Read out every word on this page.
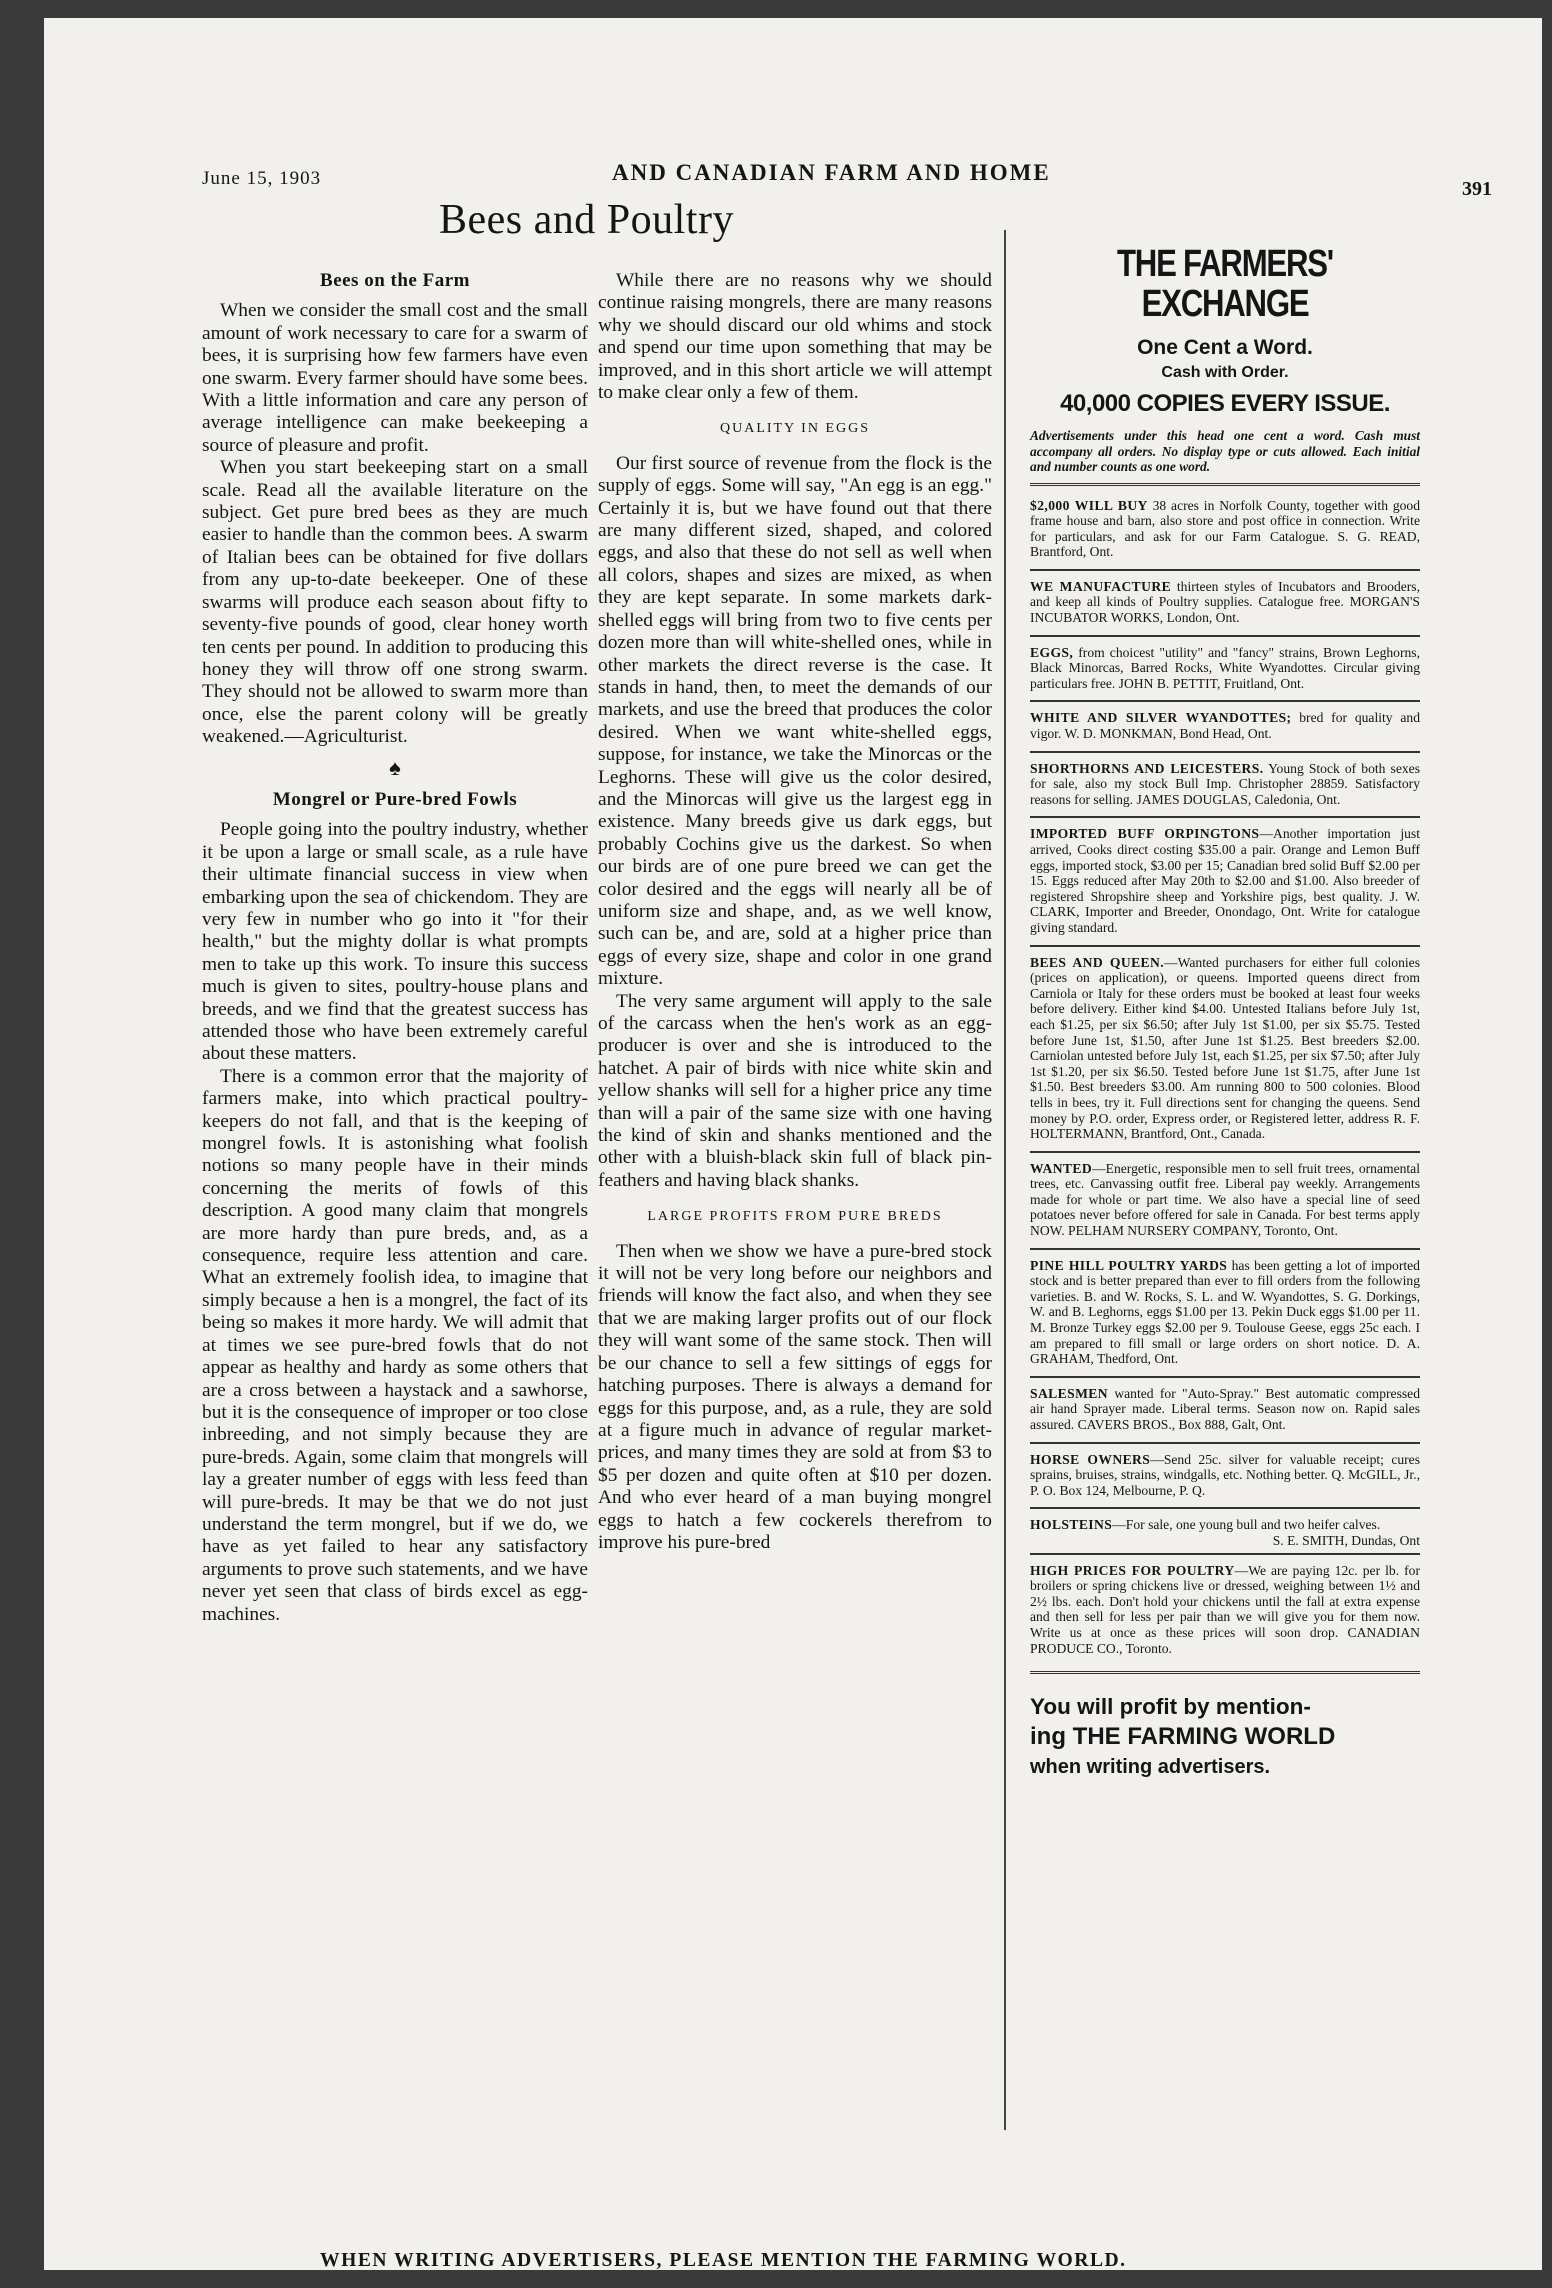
June 15, 1903	AND CANADIAN FARM AND HOME
391
Bees and Poultry
Bees on the Farm

When we consider the small cost and the small amount of work necessary to care for a swarm of bees, it is surprising how few farmers have even one swarm. Every farmer should have some bees. With a little information and care any person of average intelligence can make beekeeping a source of pleasure and profit.

When you start beekeeping start on a small scale. Read all the available literature on the subject. Get pure bred bees as they are much easier to handle than the common bees. A swarm of Italian bees can be obtained for five dollars from any up-to-date beekeeper. One of these swarms will produce each season about fifty to seventy-five pounds of good, clear honey worth ten cents per pound. In addition to producing this honey they will throw off one strong swarm. They should not be allowed to swarm more than once, else the parent colony will be greatly weakened.—Agriculturist.

♠
Mongrel or Pure-bred Fowls

People going into the poultry industry, whether it be upon a large or small scale, as a rule have their ultimate financial success in view when embarking upon the sea of chickendom. They are very few in number who go into it "for their health," but the mighty dollar is what prompts men to take up this work. To insure this success much is given to sites, poultry-house plans and breeds, and we find that the greatest success has attended those who have been extremely careful about these matters.

There is a common error that the majority of farmers make, into which practical poultry-keepers do not fall, and that is the keeping of mongrel fowls. It is astonishing what foolish notions so many people have in their minds concerning the merits of fowls of this description. A good many claim that mongrels are more hardy than pure breds, and, as a consequence, require less attention and care. What an extremely foolish idea, to imagine that simply because a hen is a mongrel, the fact of its being so makes it more hardy. We will admit that at times we see pure-bred fowls that do not appear as healthy and hardy as some others that are a cross between a haystack and a sawhorse, but it is the consequence of improper or too close inbreeding, and not simply because they are pure-breds. Again, some claim that mongrels will lay a greater number of eggs with less feed than will pure-breds. It may be that we do not just understand the term mongrel, but if we do, we have as yet failed to hear any satisfactory arguments to prove such statements, and we have never yet seen that class of birds excel as egg-machines.

While there are no reasons why we should continue raising mongrels, there are many reasons why we should discard our old whims and stock and spend our time upon something that may be improved, and in this short article we will attempt to make clear only a few of them.

QUALITY IN EGGS

Our first source of revenue from the flock is the supply of eggs. Some will say, "An egg is an egg." Certainly it is, but we have found out that there are many different sized, shaped, and colored eggs, and also that these do not sell as well when all colors, shapes and sizes are mixed, as when they are kept separate. In some markets dark-shelled eggs will bring from two to five cents per dozen more than will white-shelled ones, while in other markets the direct reverse is the case. It stands in hand, then, to meet the demands of our markets, and use the breed that produces the color desired. When we want white-shelled eggs, suppose, for instance, we take the Minorcas or the Leghorns. These will give us the color desired, and the Minorcas will give us the largest egg in existence. Many breeds give us dark eggs, but probably Cochins give us the darkest. So when our birds are of one pure breed we can get the color desired and the eggs will nearly all be of uniform size and shape, and, as we well know, such can be, and are, sold at a higher price than eggs of every size, shape and color in one grand mixture.

The very same argument will apply to the sale of the carcass when the hen's work as an egg-producer is over and she is introduced to the hatchet. A pair of birds with nice white skin and yellow shanks will sell for a higher price any time than will a pair of the same size with one having the kind of skin and shanks mentioned and the other with a bluish-black skin full of black pin-feathers and having black shanks.

LARGE PROFITS FROM PURE BREDS

Then when we show we have a pure-bred stock it will not be very long before our neighbors and friends will know the fact also, and when they see that we are making larger profits out of our flock they will want some of the same stock. Then will be our chance to sell a few sittings of eggs for hatching purposes. There is always a demand for eggs for this purpose, and, as a rule, they are sold at a figure much in advance of regular market-prices, and many times they are sold at from $3 to $5 per dozen and quite often at $10 per dozen. And who ever heard of a man buying mongrel eggs to hatch a few cockerels therefrom to improve his pure-bred

THE FARMERS' EXCHANGE
One Cent a Word.
Cash with Order.
40,000 COPIES EVERY ISSUE.
Advertisements under this head one cent a word. Cash must accompany all orders. No display type or cuts allowed. Each initial and number counts as one word.
$2,000 WILL BUY 38 acres in Norfolk County, together with good frame house and barn, also store and post office in connection. Write for particulars, and ask for our Farm Catalogue. S. G. READ, Brantford, Ont.
WE MANUFACTURE thirteen styles of Incubators and Brooders, and keep all kinds of Poultry supplies. Catalogue free. MORGAN'S INCUBATOR WORKS, London, Ont.
EGGS, from choicest "utility" and "fancy" strains, Brown Leghorns, Black Minorcas, Barred Rocks, White Wyandottes. Circular giving particulars free. JOHN B. PETTIT, Fruitland, Ont.
WHITE AND SILVER WYANDOTTES; bred for quality and vigor. W. D. MONKMAN, Bond Head, Ont.
SHORTHORNS AND LEICESTERS. Young Stock of both sexes for sale, also my stock Bull Imp. Christopher 28859. Satisfactory reasons for selling. JAMES DOUGLAS, Caledonia, Ont.
IMPORTED BUFF ORPINGTONS—Another importation just arrived, Cooks direct costing $35.00 a pair. Orange and Lemon Buff eggs, imported stock, $3.00 per 15; Canadian bred solid Buff $2.00 per 15. Eggs reduced after May 20th to $2.00 and $1.00. Also breeder of registered Shropshire sheep and Yorkshire pigs, best quality. J. W. CLARK, Importer and Breeder, Onondago, Ont. Write for catalogue giving standard.
BEES AND QUEEN.—Wanted purchasers for either full colonies (prices on application), or queens. Imported queens direct from Carniola or Italy for these orders must be booked at least four weeks before delivery. Either kind $4.00. Untested Italians before July 1st, each $1.25, per six $6.50; after July 1st $1.00, per six $5.75. Tested before June 1st, $1.50, after June 1st $1.25. Best breeders $2.00. Carniolan untested before July 1st, each $1.25, per six $7.50; after July 1st $1.20, per six $6.50. Tested before June 1st $1.75, after June 1st $1.50. Best breeders $3.00. Am running 800 to 500 colonies. Blood tells in bees, try it. Full directions sent for changing the queens. Send money by P.O. order, Express order, or Registered letter, address R. F. HOLTERMANN, Brantford, Ont., Canada.
WANTED—Energetic, responsible men to sell fruit trees, ornamental trees, etc. Canvassing outfit free. Liberal pay weekly. Arrangements made for whole or part time. We also have a special line of seed potatoes never before offered for sale in Canada. For best terms apply NOW. PELHAM NURSERY COMPANY, Toronto, Ont.
PINE HILL POULTRY YARDS has been getting a lot of imported stock and is better prepared than ever to fill orders from the following varieties. B. and W. Rocks, S. L. and W. Wyandottes, S. G. Dorkings, W. and B. Leghorns, eggs $1.00 per 13. Pekin Duck eggs $1.00 per 11. M. Bronze Turkey eggs $2.00 per 9. Toulouse Geese, eggs 25c each. I am prepared to fill small or large orders on short notice. D. A. GRAHAM, Thedford, Ont.
SALESMEN wanted for "Auto-Spray." Best automatic compressed air hand Sprayer made. Liberal terms. Season now on. Rapid sales assured. CAVERS BROS., Box 888, Galt, Ont.
HORSE OWNERS—Send 25c. silver for valuable receipt; cures sprains, bruises, strains, windgalls, etc. Nothing better. Q. McGILL, Jr., P. O. Box 124, Melbourne, P. Q.
HOLSTEINS—For sale, one young bull and two heifer calves.
S. E. SMITH, Dundas, Ont
HIGH PRICES FOR POULTRY—We are paying 12c. per lb. for broilers or spring chickens live or dressed, weighing between 1½ and 2½ lbs. each. Don't hold your chickens until the fall at extra expense and then sell for less per pair than we will give you for them now. Write us at once as these prices will soon drop. CANADIAN PRODUCE CO., Toronto.
You will profit by mention-
ing THE FARMING WORLD
when writing advertisers.
WHEN WRITING ADVERTISERS, PLEASE MENTION THE FARMING WORLD.
